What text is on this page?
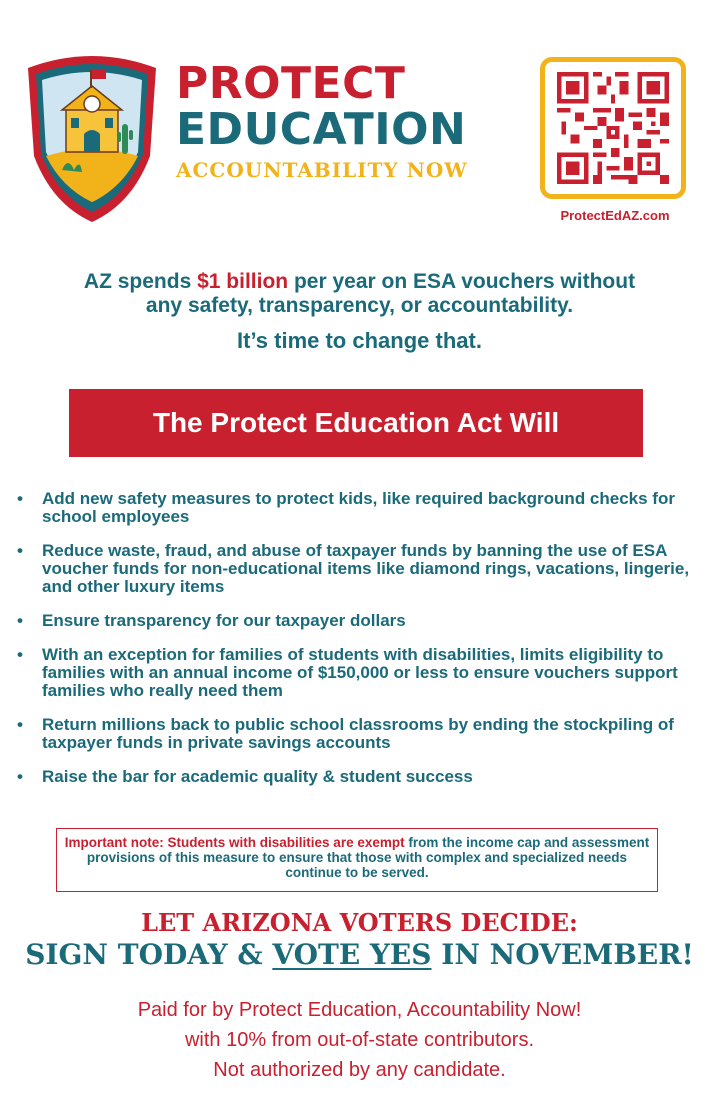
PROTECT
EDUCATION
ACCOUNTABILITY NOW
ProtectEdAZ.com
AZ spends $1 billion per year on ESA vouchers without
any safety, transparency, or accountability.
It’s time to change that.
The Protect Education Act Will
• Add new safety measures to protect kids, like required background checks for school employees
• Reduce waste, fraud, and abuse of taxpayer funds by banning the use of ESA voucher funds for non-educational items like diamond rings, vacations, lingerie, and other luxury items
• Ensure transparency for our taxpayer dollars
• With an exception for families of students with disabilities, limits eligibility to families with an annual income of $150,000 or less to ensure vouchers support families who really need them
• Return millions back to public school classrooms by ending the stockpiling of taxpayer funds in private savings accounts
• Raise the bar for academic quality & student success
Important note: Students with disabilities are exempt from the income cap and assessment provisions of this measure to ensure that those with complex and specialized needs continue to be served.
LET ARIZONA VOTERS DECIDE:
SIGN TODAY & VOTE YES IN NOVEMBER!
Paid for by Protect Education, Accountability Now!
with 10% from out-of-state contributors.
Not authorized by any candidate.
